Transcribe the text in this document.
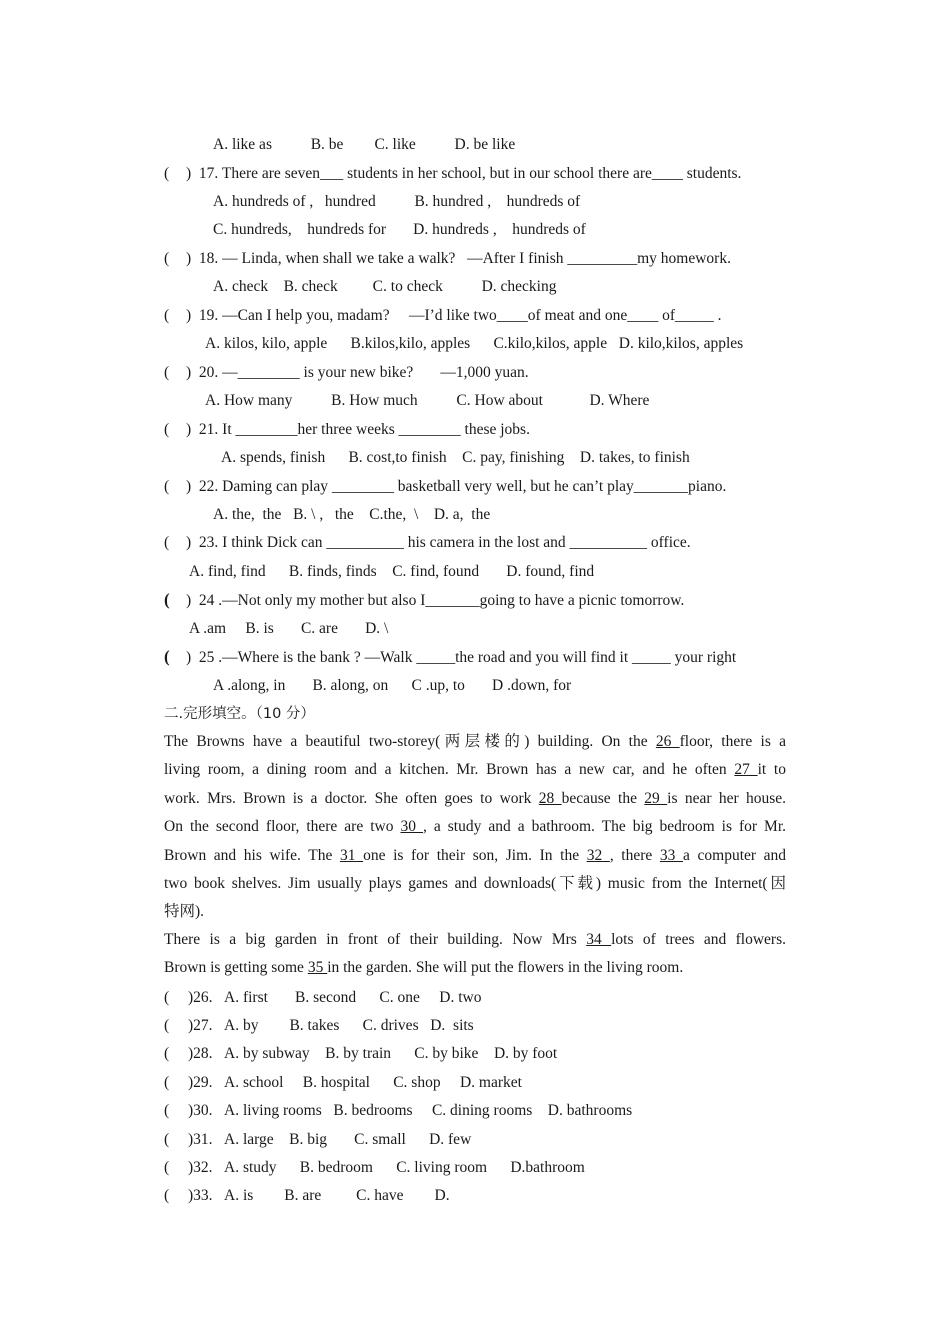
A. like as          B. be        C. like          D. be like
( )  17. There are seven___ students in her school, but in our school there are____ students.
A. hundreds of ,   hundred          B. hundred ,    hundreds of
C. hundreds,    hundreds for       D. hundreds ,    hundreds of
( )  18. — Linda, when shall we take a walk?   —After I finish _________my homework.
A. check    B. check         C. to check          D. checking
( )  19. —Can I help you, madam?     —I’d like two____of meat and one____ of_____ .
A. kilos, kilo, apple      B.kilos,kilo, apples      C.kilo,kilos, apple   D. kilo,kilos, apples
( )  20. —________ is your new bike?       —1,000 yuan.
A. How many          B. How much          C. How about            D. Where
( )  21. It ________her three weeks ________ these jobs.
A. spends, finish      B. cost,to finish    C. pay, finishing    D. takes, to finish
( )  22. Daming can play ________ basketball very well, but he can’t play_______piano.
A. the,  the   B. \ ,   the    C.the,  \    D. a,  the
( )  23. I think Dick can __________ his camera in the lost and __________ office.
A. find, find      B. finds, finds    C. find, found       D. found, find
( )  24 .—Not only my mother but also I_______going to have a picnic tomorrow.
A .am     B. is       C. are       D. \
( )  25 .—Where is the bank ? —Walk _____the road and you will find it _____ your right
A .along, in       B. along, on      C .up, to       D .down, for
二.完形填空。（10 分）
The Browns have a beautiful two-storey(两层楼的) building. On the 26 floor, there is a
living room, a dining room and a kitchen. Mr. Brown has a new car, and he often 27 it to
work. Mrs. Brown is a doctor. She often goes to work 28 because the 29 is near her house.
On the second floor, there are two 30 , a study and a bathroom. The big bedroom is for Mr.
Brown and his wife. The 31 one is for their son, Jim. In the 32 , there 33 a computer and
two book shelves. Jim usually plays games and downloads(下载) music from the Internet(因
特网).
There is a big garden in front of their building. Now Mrs 34 lots of trees and flowers.
Brown is getting some 35 in the garden. She will put the flowers in the living room.
( )26. A. first       B. second      C. one     D. two
( )27. A. by        B. takes      C. drives   D.  sits
( )28. A. by subway    B. by train      C. by bike    D. by foot
( )29. A. school     B. hospital      C. shop     D. market
( )30. A. living rooms   B. bedrooms     C. dining rooms    D. bathrooms
( )31. A. large    B. big       C. small      D. few
( )32. A. study      B. bedroom      C. living room      D.bathroom
( )33. A. is        B. are         C. have        D.
